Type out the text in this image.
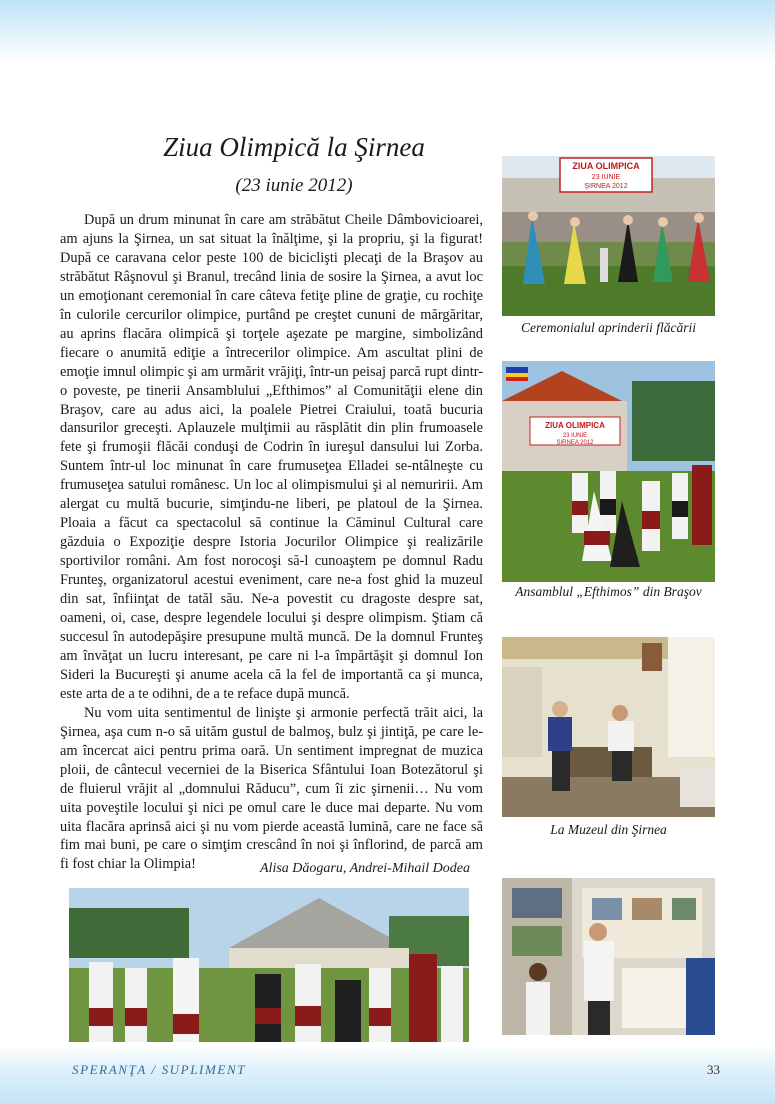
Ziua Olimpică la Şirnea
(23 iunie 2012)

După un drum minunat în care am străbătut Cheile Dâmbovicioarei, am ajuns la Şirnea, un sat situat la înălţime, şi la propriu, şi la figurat! După ce caravana celor peste 100 de biciclişti plecaţi de la Braşov au străbătut Râşnovul şi Branul, trecând linia de sosire la Şirnea, a avut loc un emoţionant ceremonial în care câteva fetiţe pline de graţie, cu rochiţe în culorile cercurilor olimpice, purtând pe creştet cununi de mărgăritar, au aprins flacăra olimpică şi torţele aşezate pe margine, simbolizând fiecare o anumită ediţie a întrecerilor olimpice. Am ascultat plini de emoţie imnul olimpic şi am urmărit vrăjiţi, într-un peisaj parcă rupt dintr-o poveste, pe tinerii Ansamblului „Efthimos” al Comunităţii elene din Braşov, care au adus aici, la poalele Pietrei Craiului, toată bucuria dansurilor greceşti. Aplauzele mulţimii au răsplătit din plin frumoasele fete şi frumoşii flăcăi conduşi de Codrin în iureşul dansului lui Zorba. Suntem într-ul loc minunat în care frumuseţea Elladei se-ntâlneşte cu frumuseţea satului românesc. Un loc al olimpismului şi al nemuririi. Am alergat cu multă bucurie, simţindu-ne liberi, pe platoul de la Şirnea. Ploaia a făcut ca spectacolul să continue la Căminul Cultural care găzduia o Expoziţie despre Istoria Jocurilor Olimpice şi realizările sportivilor români. Am fost norocoşi să-l cunoaştem pe domnul Radu Frunteş, organizatorul acestui eveniment, care ne-a fost ghid la muzeul din sat, înfiinţat de tatăl său. Ne-a povestit cu dragoste despre sat, oameni, oi, case, despre legendele locului şi despre olimpism. Ştiam că succesul în autodepăşire presupune multă muncă. De la domnul Frunteş am învăţat un lucru interesant, pe care ni l-a împărtăşit şi domnul Ion Sideri la Bucureşti şi anume acela că la fel de importantă ca şi munca, este arta de a te odihni, de a te reface după muncă.

Nu vom uita sentimentul de linişte şi armonie perfectă trăit aici, la Şirnea, aşa cum n-o să uităm gustul de balmoş, bulz şi jintiţă, pe care le-am încercat aici pentru prima oară. Un sentiment impregnat de muzica ploii, de cântecul vecerniei de la Biserica Sfântului Ioan Botezătorul şi de fluierul vrăjit al „domnului Răducu”, cum îi zic şirnenii… Nu vom uita poveştile locului şi nici pe omul care le duce mai departe. Nu vom uita flacăra aprinsă aici şi nu vom pierde această lumină, care ne face să fim mai buni, pe care o simţim crescând în noi şi înflorind, de parcă am fi fost chiar la Olimpia!	Alisa Dăogaru, Andrei-Mihail Dodea
ZIUA OLIMPICA
23 IUNIE
ŞIRNEA 2012
Ceremonialul aprinderii flăcării
ZIUA OLIMPICA
23 IUNIE
ŞIRNEA 2012
Ansamblul „Efthimos” din Braşov
La Muzeul din Şirnea
SPERANŢA / SUPLIMENT	33
